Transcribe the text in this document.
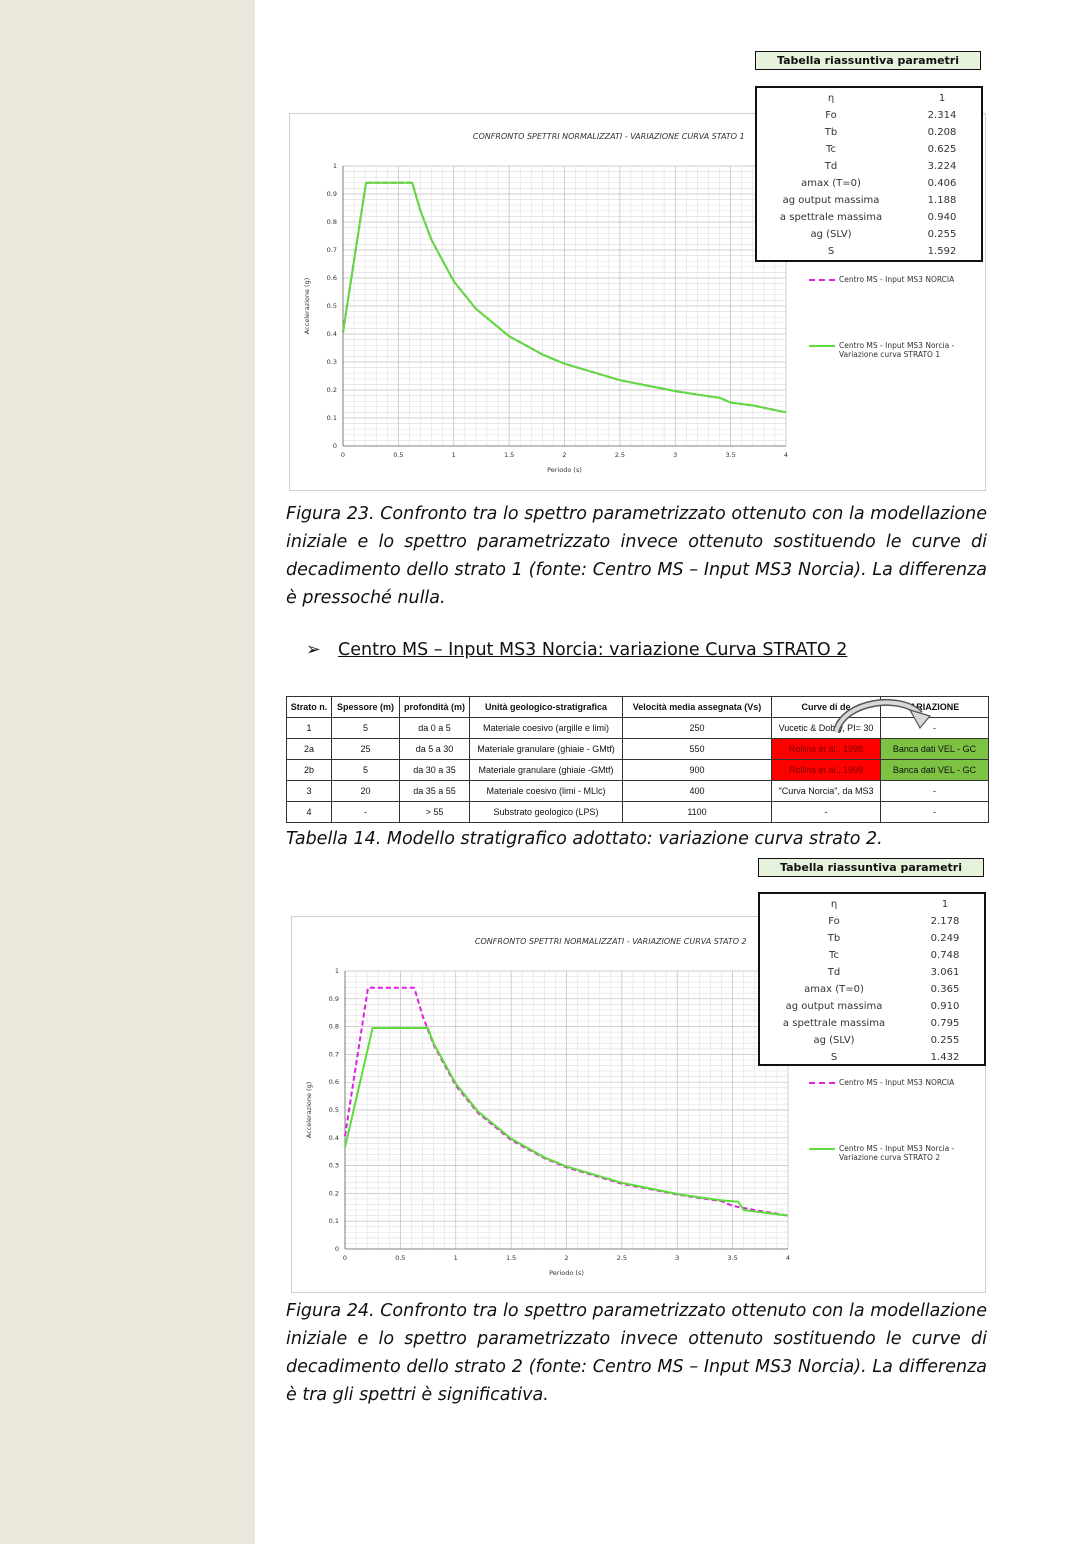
0	0.5	1	1.5	2	2.5	3	3.5	4
0
0.1
0.2
0.3
0.4
0.5
0.6
0.7
0.8
0.9
1
CONFRONTO SPETTRI NORMALIZZATI - VARIAZIONE CURVA STATO 1
Periodo (s)
Accelerazione (g)	Centro MS - Input MS3 NORCIA
Centro MS - Input MS3 Norcia - Variazione curva STRATO 1
Tabella riassuntiva parametri
η	1
Fo	2.314
Tb	0.208
Tc	0.625
Td	3.224
amax (T=0)	0.406
ag output massima	1.188
a spettrale massima	0.940
ag (SLV)	0.255
S	1.592
Figura 23. Confronto tra lo spettro parametrizzato ottenuto con la modellazione iniziale e lo spettro parametrizzato invece ottenuto sostituendo le curve di decadimento dello strato 1 (fonte: Centro MS – Input MS3 Norcia). La differenza è pressoché nulla.
➢ Centro MS – Input MS3 Norcia: variazione Curva STRATO 2
Strato n.	Spessore (m)	profondità (m)	Unità geologico-stratigrafica	Velocità media assegnata (Vs)	Curve di de	ARIAZIONE
1	5	da 0 a 5	Materiale coesivo (argille e limi)	250	Vucetic & Dobry, PI= 30	-
2a	25	da 5 a 30	Materiale granulare (ghiaie - GMtf)	550	Rollins et al., 1998	Banca dati VEL - GC
2b	5	da 30 a 35	Materiale granulare (ghiaie -GMtf)	900	Rollins et al., 1999	Banca dati VEL - GC
3	20	da 35 a 55	Materiale coesivo (limi - MLlc)	400	"Curva Norcia", da MS3	-
4	-	> 55	Substrato geologico (LPS)	1100	-	-
Tabella 14. Modello stratigrafico adottato: variazione curva strato 2.
0	0.5	1	1.5	2	2.5	3	3.5	4
0
0.1
0.2
0.3
0.4
0.5
0.6
0.7
0.8
0.9
1
CONFRONTO SPETTRI NORMALIZZATI - VARIAZIONE CURVA STATO 2
Periodo (s)
Accelerazione (g)	Centro MS - Input MS3 NORCIA
Centro MS - Input MS3 Norcia - Variazione curva STRATO 2
Tabella riassuntiva parametri
η	1
Fo	2.178
Tb	0.249
Tc	0.748
Td	3.061
amax (T=0)	0.365
ag output massima	0.910
a spettrale massima	0.795
ag (SLV)	0.255
S	1.432
Figura 24. Confronto tra lo spettro parametrizzato ottenuto con la modellazione iniziale e lo spettro parametrizzato invece ottenuto sostituendo le curve di decadimento dello strato 2 (fonte: Centro MS – Input MS3 Norcia). La differenza è tra gli spettri è significativa.
